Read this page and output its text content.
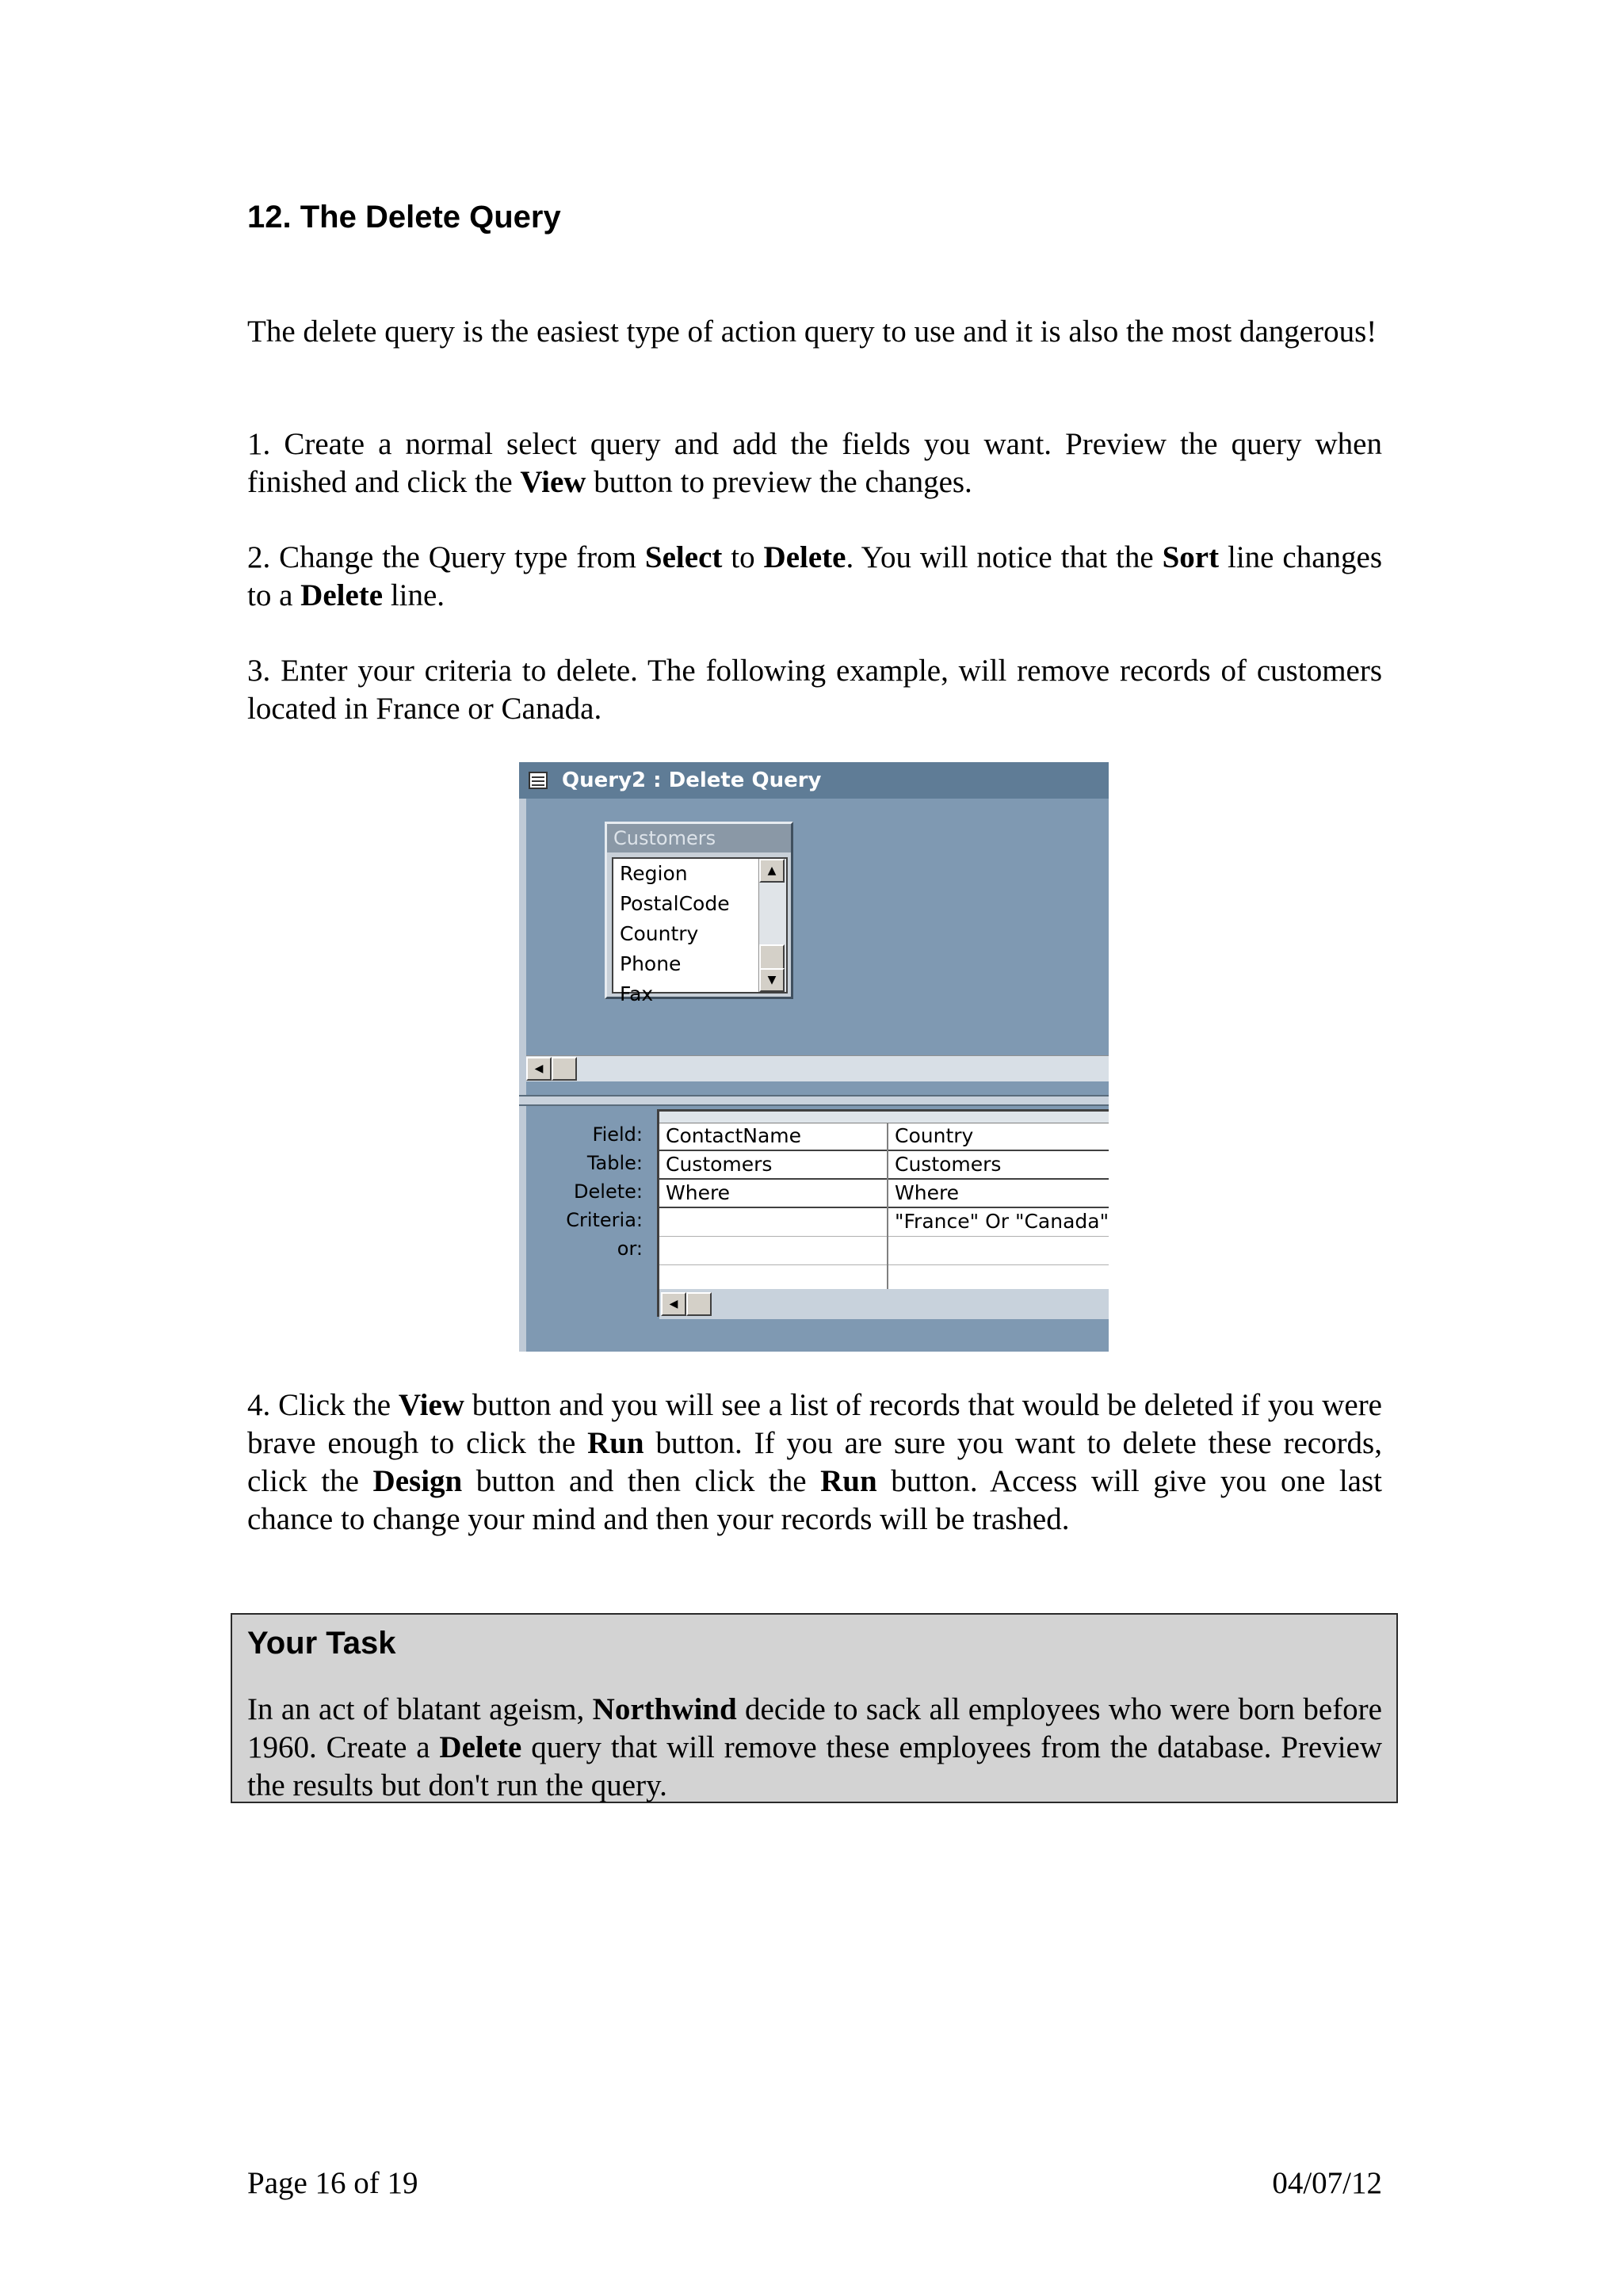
12. The Delete Query

The delete query is the easiest type of action query to use and it is also the most dangerous!

1. Create a normal select query and add the fields you want. Preview the query when finished and click the View button to preview the changes.

2. Change the Query type from Select to Delete. You will notice that the Sort line changes to a Delete line.

3. Enter your criteria to delete. The following example, will remove records of customers located in France or Canada.

Query2 : Delete Query
Customers
Region
PostalCode
Country
Phone
Fax
▲
▼
◀
Field:
Table:
Delete:
Criteria:
or:
ContactName
Customers
Where
Country
Customers
Where
"France" Or "Canada"
◀

4. Click the View button and you will see a list of records that would be deleted if you were brave enough to click the Run button. If you are sure you want to delete these records, click the Design button and then click the Run button. Access will give you one last chance to change your mind and then your records will be trashed.

Your Task

In an act of blatant ageism, Northwind decide to sack all employees who were born before 1960. Create a Delete query that will remove these employees from the database. Preview the results but don't run the query.

Page 16 of 19	04/07/12
